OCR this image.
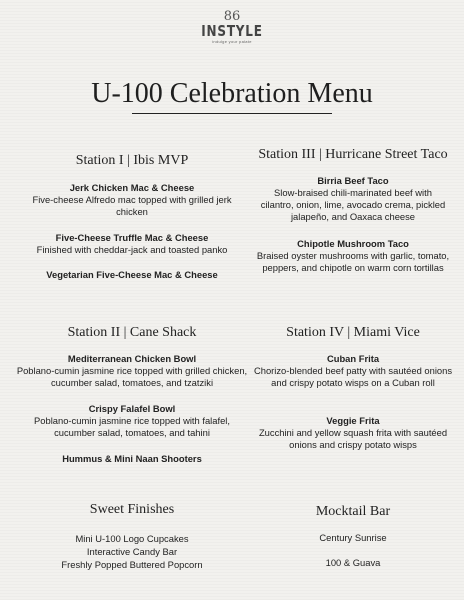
86
INSTYLE
indulge your palate
U-100 Celebration Menu
Station I | Ibis MVP
Jerk Chicken Mac & Cheese
Five-cheese Alfredo mac topped with grilled jerk chicken
Five-Cheese Truffle Mac & Cheese
Finished with cheddar-jack and toasted panko
Vegetarian Five-Cheese Mac & Cheese
Station III | Hurricane Street Taco
Birria Beef Taco
Slow-braised chili-marinated beef with cilantro, onion, lime, avocado crema, pickled jalapeño, and Oaxaca cheese
Chipotle Mushroom Taco
Braised oyster mushrooms with garlic, tomato, peppers, and chipotle on warm corn tortillas
Station II | Cane Shack
Mediterranean Chicken Bowl
Poblano-cumin jasmine rice topped with grilled chicken, cucumber salad, tomatoes, and tzatziki
Crispy Falafel Bowl
Poblano-cumin jasmine rice topped with falafel, cucumber salad, tomatoes, and tahini
Hummus & Mini Naan Shooters
Station IV | Miami Vice
Cuban Frita
Chorizo-blended beef patty with sautéed onions and crispy potato wisps on a Cuban roll
Veggie Frita
Zucchini and yellow squash frita with sautéed onions and crispy potato wisps
Sweet Finishes
Mini U-100 Logo Cupcakes
Interactive Candy Bar
Freshly Popped Buttered Popcorn
Mocktail Bar
Century Sunrise
100 & Guava
